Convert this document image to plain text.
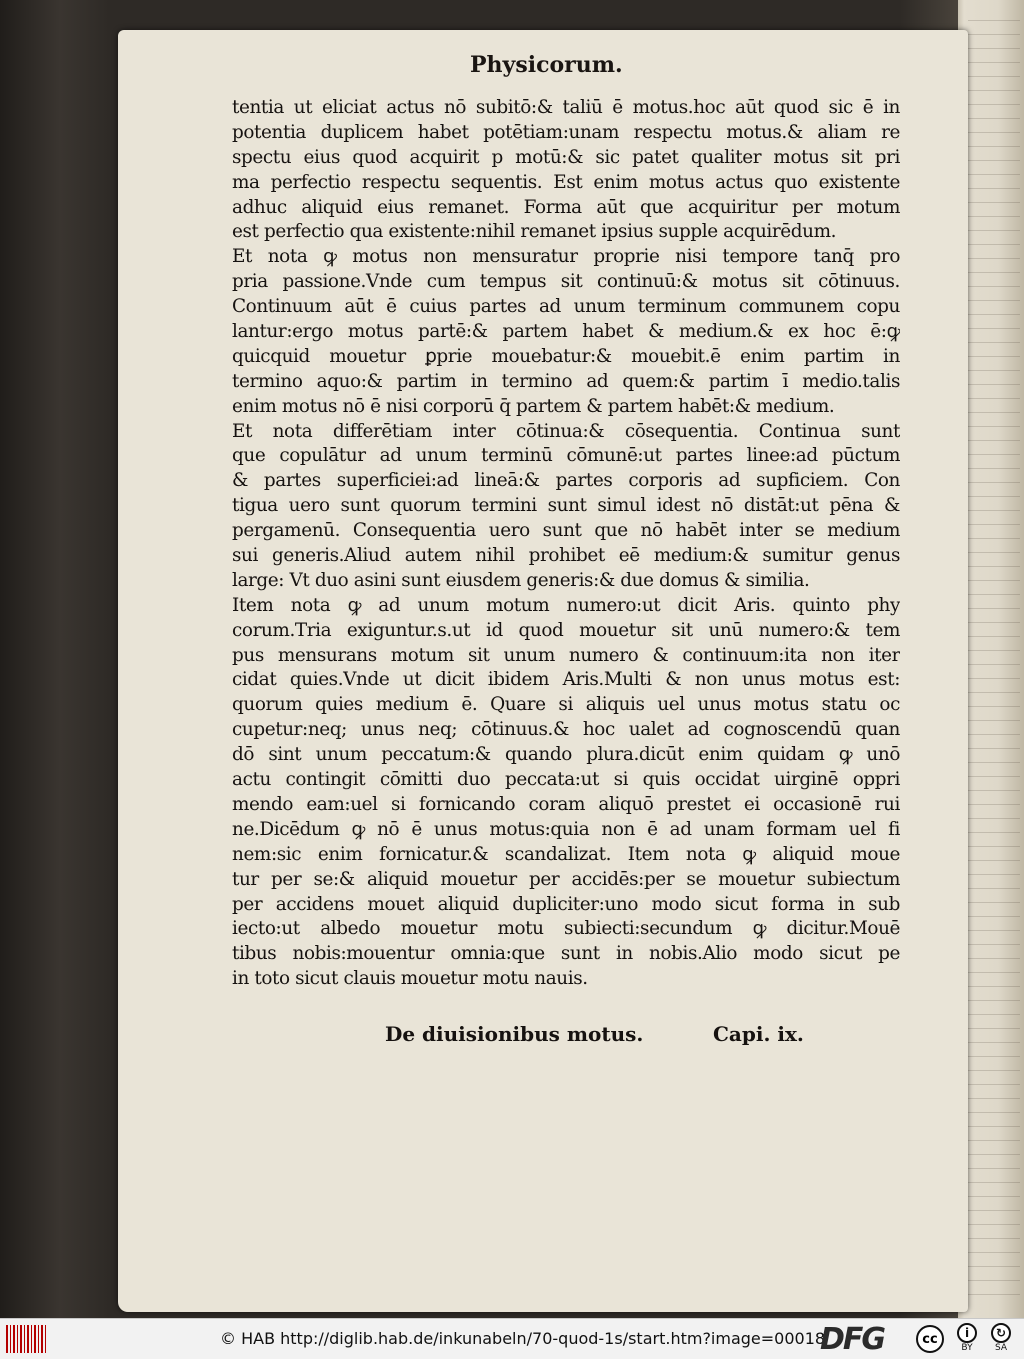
Physicorum.
tentia ut eliciat actus nō subitō:& taliū ē motus.hoc aūt quod sic ē in
potentia duplicem habet potētiam:unam respectu motus.& aliam re
spectu eius quod acquirit p motū:& sic patet qualiter motus sit pri
ma perfectio respectu sequentis. Est enim motus actus quo existente
adhuc aliquid eius remanet. Forma aūt que acquiritur per motum
est perfectio qua existente:nihil remanet ipsius supple acquirēdum.
Et nota ꝙ motus non mensuratur proprie nisi tempore tanq̄ pro
pria passione.Vnde cum tempus sit continuū:& motus sit cōtinuus.
Continuum aūt ē cuius partes ad unum terminum communem copu
lantur:ergo motus partē:& partem habet & medium.& ex hoc ē:ꝙ
quicquid mouetur ꝑprie mouebatur:& mouebit.ē enim partim in
termino aquo:& partim in termino ad quem:& partim ī medio.talis
enim motus nō ē nisi corporū q̄ partem & partem habēt:& medium.
Et nota differētiam inter cōtinua:& cōsequentia. Continua sunt
que copulātur ad unum terminū cōmunē:ut partes linee:ad pūctum
& partes superficiei:ad lineā:& partes corporis ad supficiem. Con
tigua uero sunt quorum termini sunt simul idest nō distāt:ut pēna &
pergamenū. Consequentia uero sunt que nō habēt inter se medium
sui generis.Aliud autem nihil prohibet eē medium:& sumitur genus
large: Vt duo asini sunt eiusdem generis:& due domus & similia.
Item nota ꝙ ad unum motum numero:ut dicit Aris. quinto phy
corum.Tria exiguntur.s.ut id quod mouetur sit unū numero:& tem
pus mensurans motum sit unum numero & continuum:ita non iter
cidat quies.Vnde ut dicit ibidem Aris.Multi & non unus motus est:
quorum quies medium ē. Quare si aliquis uel unus motus statu oc
cupetur:neq; unus neq; cōtinuus.& hoc ualet ad cognoscendū quan
dō sint unum peccatum:& quando plura.dicūt enim quidam ꝙ unō
actu contingit cōmitti duo peccata:ut si quis occidat uirginē oppri
mendo eam:uel si fornicando coram aliquō prestet ei occasionē rui
ne.Dicēdum ꝙ nō ē unus motus:quia non ē ad unam formam uel fi
nem:sic enim fornicatur.& scandalizat. Item nota ꝙ aliquid moue
tur per se:& aliquid mouetur per accidēs:per se mouetur subiectum
per accidens mouet aliquid dupliciter:uno modo sicut forma in sub
iecto:ut albedo mouetur motu subiecti:secundum ꝙ dicitur.Mouē
tibus nobis:mouentur omnia:que sunt in nobis.Alio modo sicut pe
in toto sicut clauis mouetur motu nauis.
De diuisionibus motus.	Capi. ix.
© HAB http://diglib.hab.de/inkunabeln/70-quod-1s/start.htm?image=00018
DFG	cc	i
BY
↻
SA
